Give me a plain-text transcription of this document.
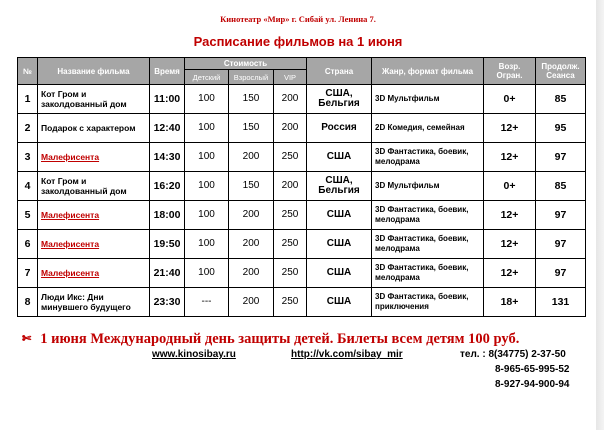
Кинотеатр «Мир» г. Сибай ул. Ленина 7.
Расписание фильмов на 1 июня
№	Название фильма	Время	Стоимость			Страна	Жанр, формат фильма	Возр. Огран.	Продолж. Сеанса
			Детский	Взрослый	VIP				
1	Кот Гром и заколдованный дом	11:00	100	150	200	США, Бельгия	3D Мультфильм	0+	85
2	Подарок с характером	12:40	100	150	200	Россия	2D Комедия, семейная	12+	95
3	Малефисента	14:30	100	200	250	США	3D Фантастика, боевик, мелодрама	12+	97
4	Кот Гром и заколдованный дом	16:20	100	150	200	США, Бельгия	3D Мультфильм	0+	85
5	Малефисента	18:00	100	200	250	США	3D Фантастика, боевик, мелодрама	12+	97
6	Малефисента	19:50	100	200	250	США	3D Фантастика, боевик, мелодрама	12+	97
7	Малефисента	21:40	100	200	250	США	3D Фантастика, боевик, мелодрама	12+	97
8	Люди Икс: Дни минувшего будущего	23:30	---	200	250	США	3D Фантастика, боевик, приключения	18+	131
✄ 1 июня Международный день защиты детей. Билеты всем детям 100 руб.
www.kinosibay.ru	http://vk.com/sibay_mir	тел. : 8(34775) 2-37-50
8-965-65-995-52
8-927-94-900-94
